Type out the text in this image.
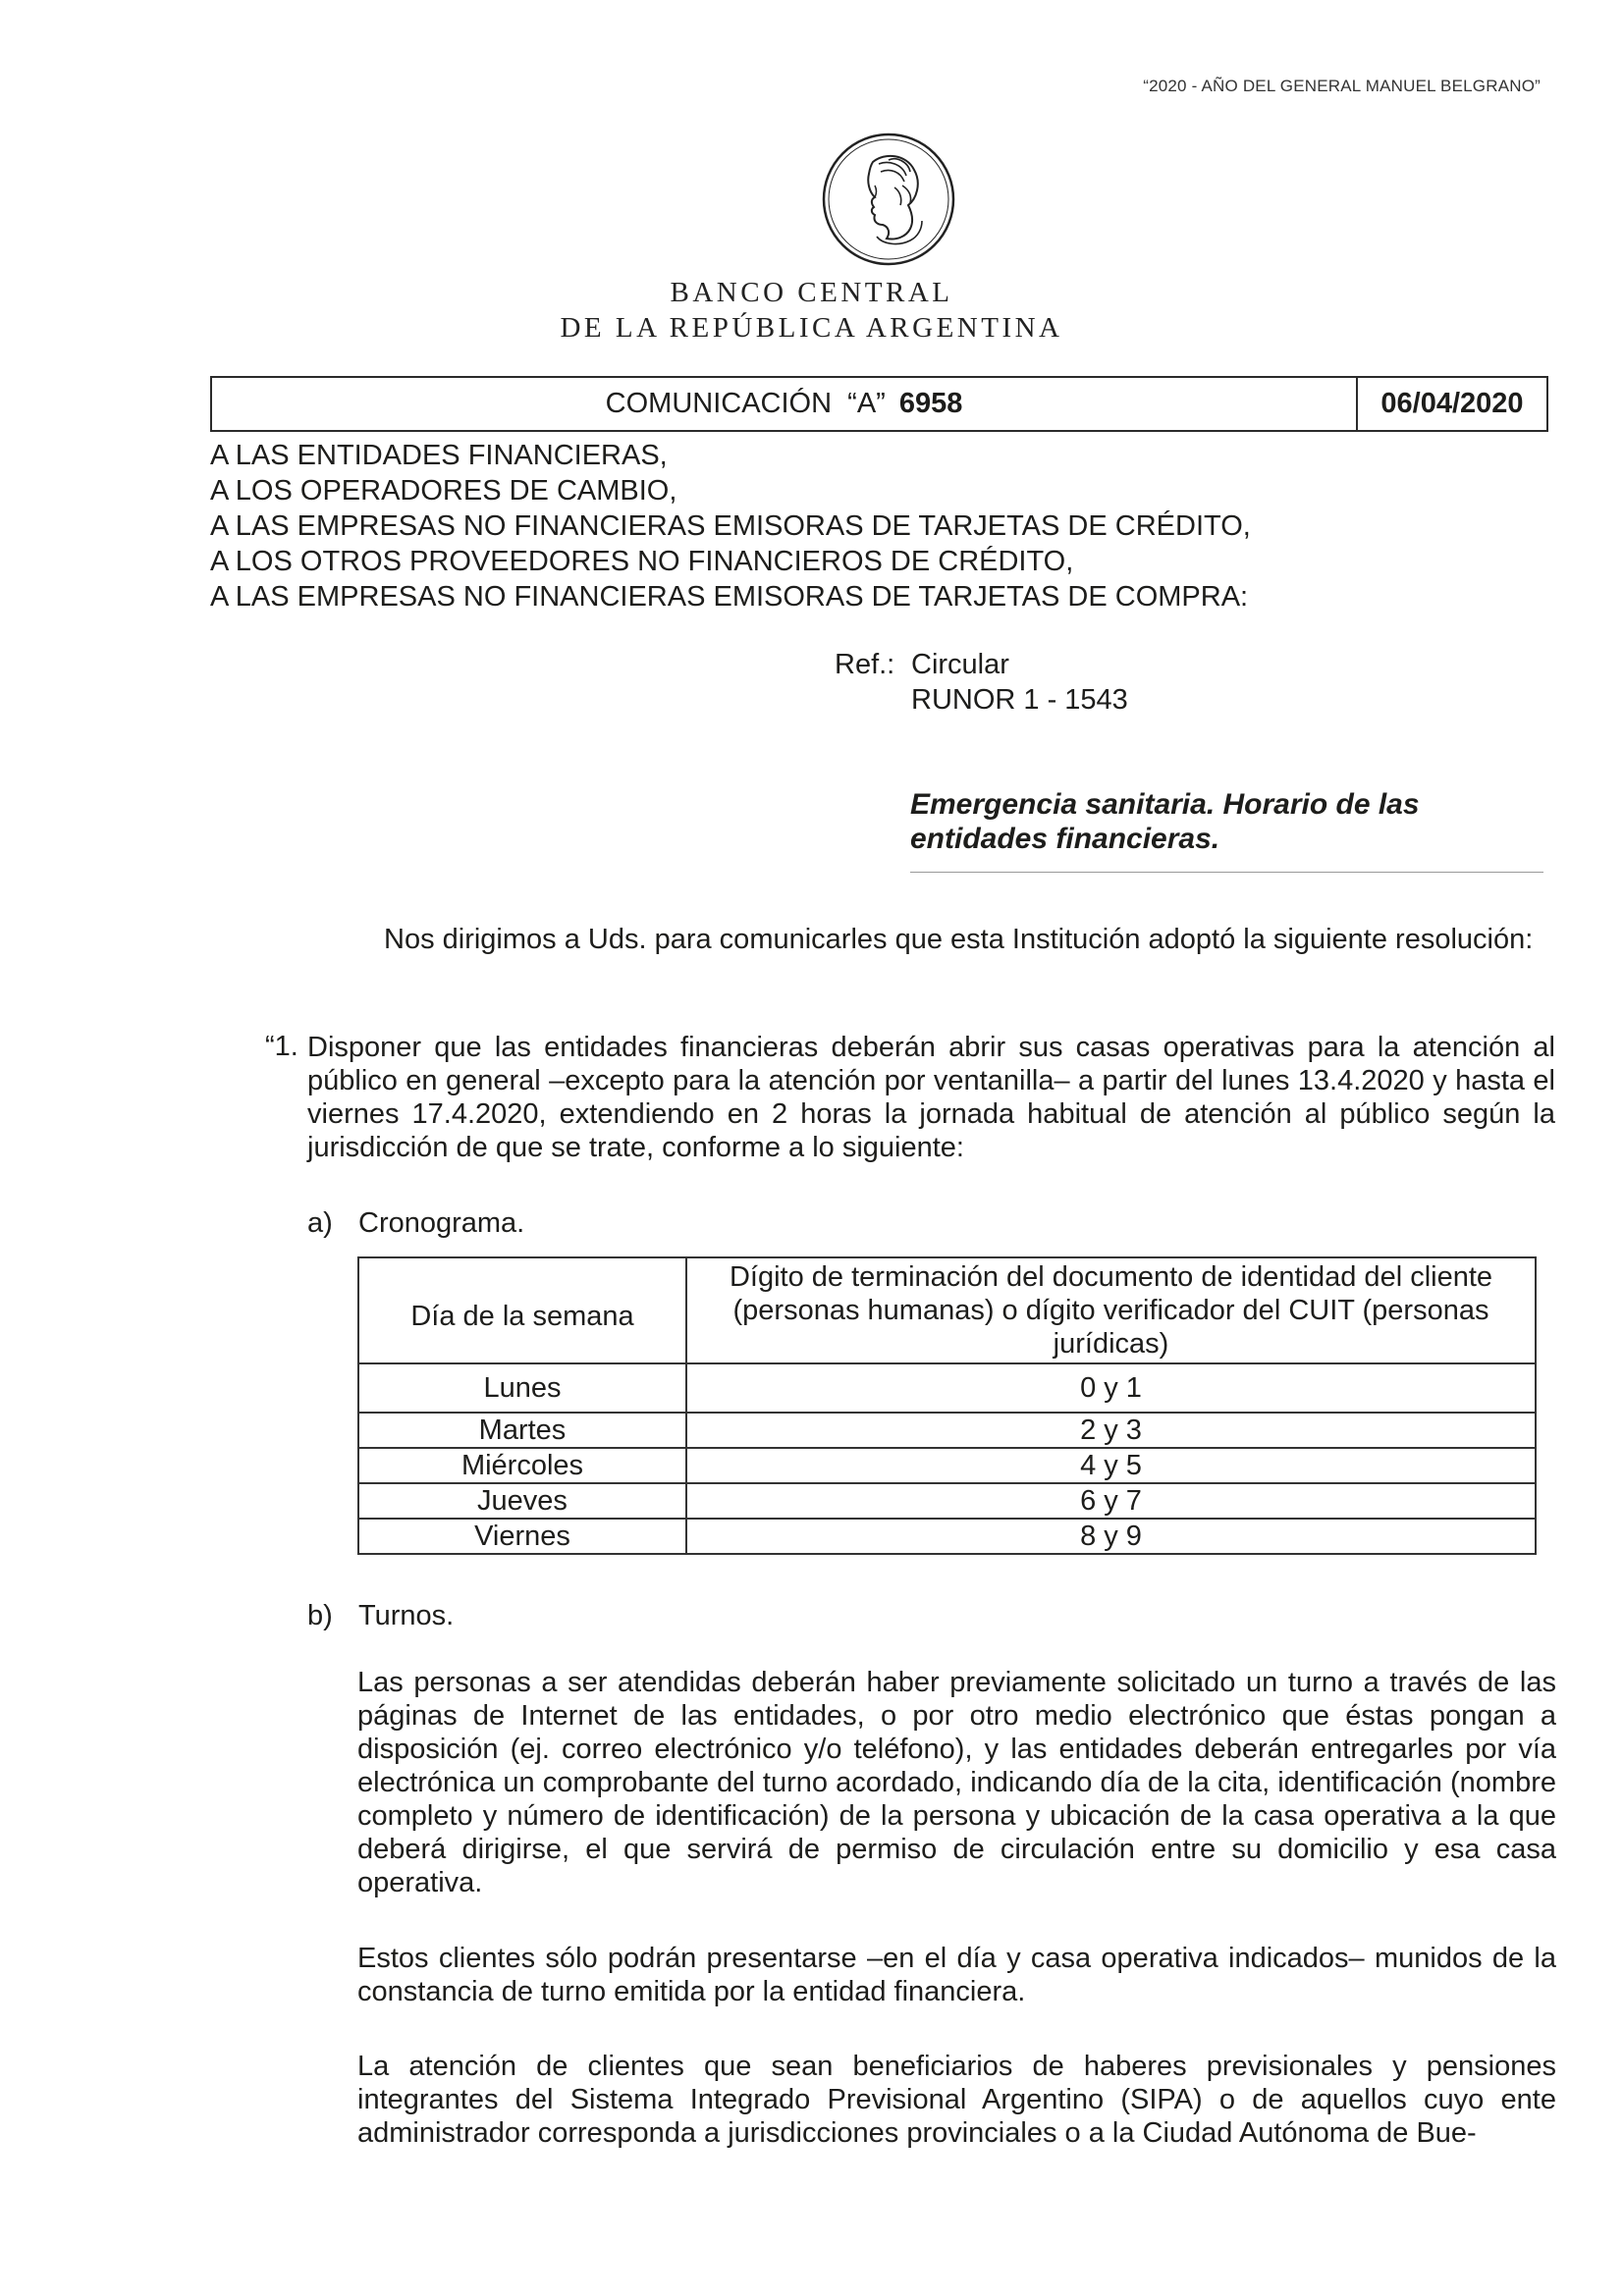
“2020 - AÑO DEL GENERAL MANUEL BELGRANO”
BANCO CENTRAL
DE LA REPÚBLICA ARGENTINA
COMUNICACIÓN  “A” 6958	06/04/2020
A LAS ENTIDADES FINANCIERAS,
A LOS OPERADORES DE CAMBIO,
A LAS EMPRESAS NO FINANCIERAS EMISORAS DE TARJETAS DE CRÉDITO,
A LOS OTROS PROVEEDORES NO FINANCIEROS DE CRÉDITO,
A LAS EMPRESAS NO FINANCIERAS EMISORAS DE TARJETAS DE COMPRA:
Ref.: Circular
RUNOR 1 - 1543
Emergencia sanitaria. Horario de las entidades financieras.
Nos dirigimos a Uds. para comunicarles que esta Institución adoptó la siguiente resolución:
“1. Disponer que las entidades financieras deberán abrir sus casas operativas para la atención al público en general –excepto para la atención por ventanilla– a partir del lunes 13.4.2020 y hasta el viernes 17.4.2020, extendiendo en 2 horas la jornada habitual de atención al público según la jurisdicción de que se trate, conforme a lo siguiente:
a) Cronograma.
Día de la semana	Dígito de terminación del documento de identidad del cliente (personas humanas) o dígito verificador del CUIT (personas jurídicas)
Lunes	0 y 1
Martes	2 y 3
Miércoles	4 y 5
Jueves	6 y 7
Viernes	8 y 9
b) Turnos.
Las personas a ser atendidas deberán haber previamente solicitado un turno a través de las páginas de Internet de las entidades, o por otro medio electrónico que éstas pongan a disposición (ej. correo electrónico y/o teléfono), y las entidades deberán entregarles por vía electrónica un comprobante del turno acordado, indicando día de la cita, identificación (nombre completo y número de identificación) de la persona y ubicación de la casa operativa a la que deberá dirigirse, el que servirá de permiso de circulación entre su domicilio y esa casa operativa.
Estos clientes sólo podrán presentarse –en el día y casa operativa indicados– munidos de la constancia de turno emitida por la entidad financiera.
La atención de clientes que sean beneficiarios de haberes previsionales y pensiones integrantes del Sistema Integrado Previsional Argentino (SIPA) o de aquellos cuyo ente administrador corresponda a jurisdicciones provinciales o a la Ciudad Autónoma de Bue-
